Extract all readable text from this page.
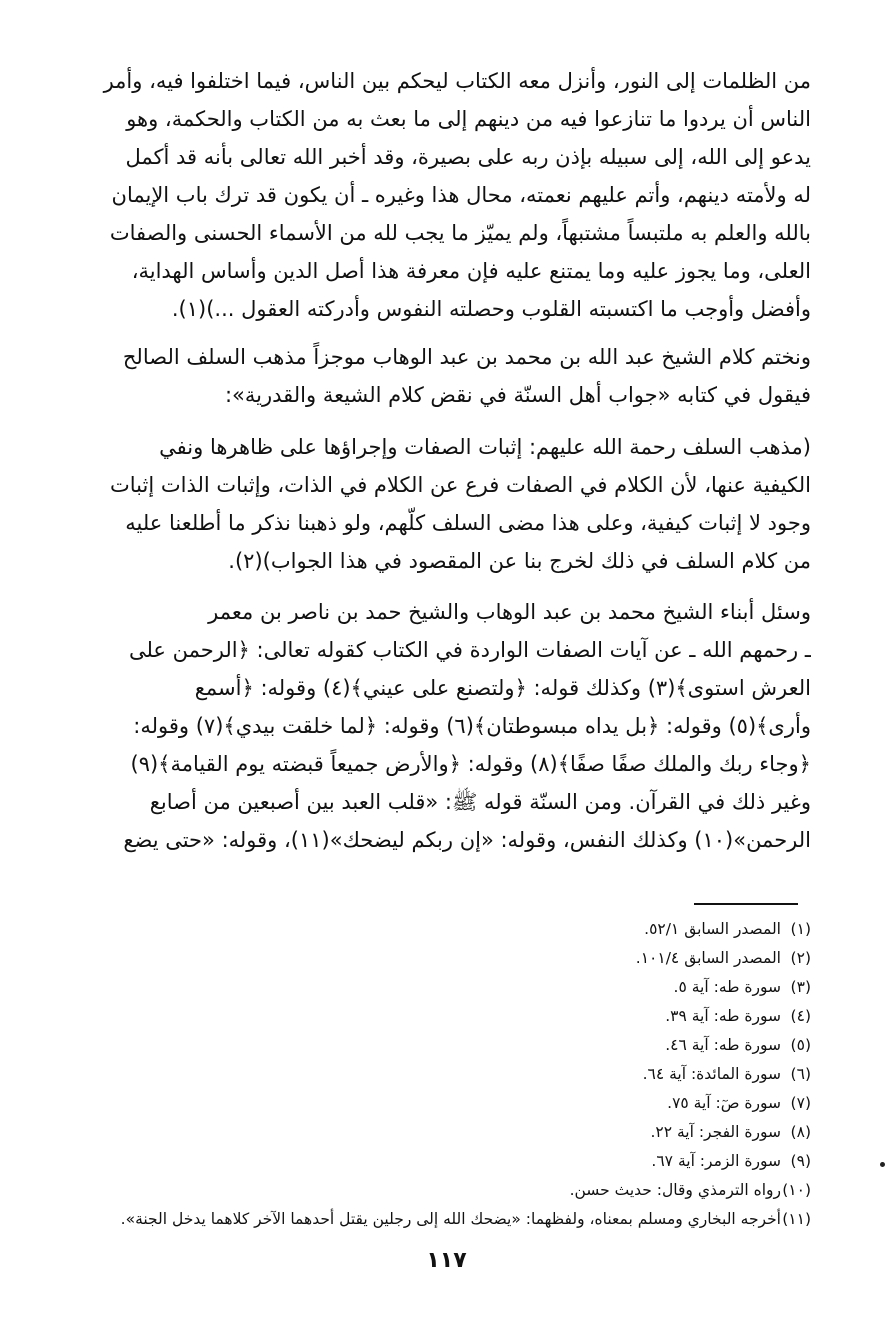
من الظلمات إلى النور، وأنزل معه الكتاب ليحكم بين الناس، فيما اختلفوا فيه، وأمر
الناس أن يردوا ما تنازعوا فيه من دينهم إلى ما بعث به من الكتاب والحكمة، وهو
يدعو إلى الله، إلى سبيله بإذن ربه على بصيرة، وقد أخبر الله تعالى بأنه قد أكمل
له ولأمته دينهم، وأتم عليهم نعمته، محال هذا وغيره ـ أن يكون قد ترك باب الإيمان
بالله والعلم به ملتبساً مشتبهاً، ولم يميّز ما يجب لله من الأسماء الحسنى والصفات
العلى، وما يجوز عليه وما يمتنع عليه فإن معرفة هذا أصل الدين وأساس الهداية،
وأفضل وأوجب ما اكتسبته القلوب وحصلته النفوس وأدركته العقول ...)(١).
ونختم كلام الشيخ عبد الله بن محمد بن عبد الوهاب موجزاً مذهب السلف الصالح
فيقول في كتابه «جواب أهل السنّة في نقض كلام الشيعة والقدرية»:
(مذهب السلف رحمة الله عليهم: إثبات الصفات وإجراؤها على ظاهرها ونفي
الكيفية عنها، لأن الكلام في الصفات فرع عن الكلام في الذات، وإثبات الذات إثبات
وجود لا إثبات كيفية، وعلى هذا مضى السلف كلّهم، ولو ذهبنا نذكر ما أطلعنا عليه
من كلام السلف في ذلك لخرج بنا عن المقصود في هذا الجواب)(٢).
وسئل أبناء الشيخ محمد بن عبد الوهاب والشيخ حمد بن ناصر بن معمر
ـ رحمهم الله ـ عن آيات الصفات الواردة في الكتاب كقوله تعالى: ﴿الرحمن على
العرش استوى﴾(٣) وكذلك قوله: ﴿ولتصنع على عيني﴾(٤) وقوله: ﴿أسمع
وأرى﴾(٥) وقوله: ﴿بل يداه مبسوطتان﴾(٦) وقوله: ﴿لما خلقت بيدي﴾(٧) وقوله:
﴿وجاء ربك والملك صفًا صفًا﴾(٨) وقوله: ﴿والأرض جميعاً قبضته يوم القيامة﴾(٩)
وغير ذلك في القرآن. ومن السنّة قوله ﷺ: «قلب العبد بين أصبعين من أصابع
الرحمن»(١٠) وكذلك النفس، وقوله: «إن ربكم ليضحك»(١١)، وقوله: «حتى يضع
(١)المصدر السابق ٥٢/١.
(٢)المصدر السابق ١٠١/٤.
(٣)سورة طه: آية ٥.
(٤)سورة طه: آية ٣٩.
(٥)سورة طه: آية ٤٦.
(٦)سورة المائدة: آية ٦٤.
(٧)سورة صٓ: آية ٧٥.
(٨)سورة الفجر: آية ٢٢.
(٩)سورة الزمر: آية ٦٧.
(١٠)رواه الترمذي وقال: حديث حسن.
(١١)أخرجه البخاري ومسلم بمعناه، ولفظهما: «يضحك الله إلى رجلين يقتل أحدهما الآخر كلاهما يدخل الجنة».
١١٧
